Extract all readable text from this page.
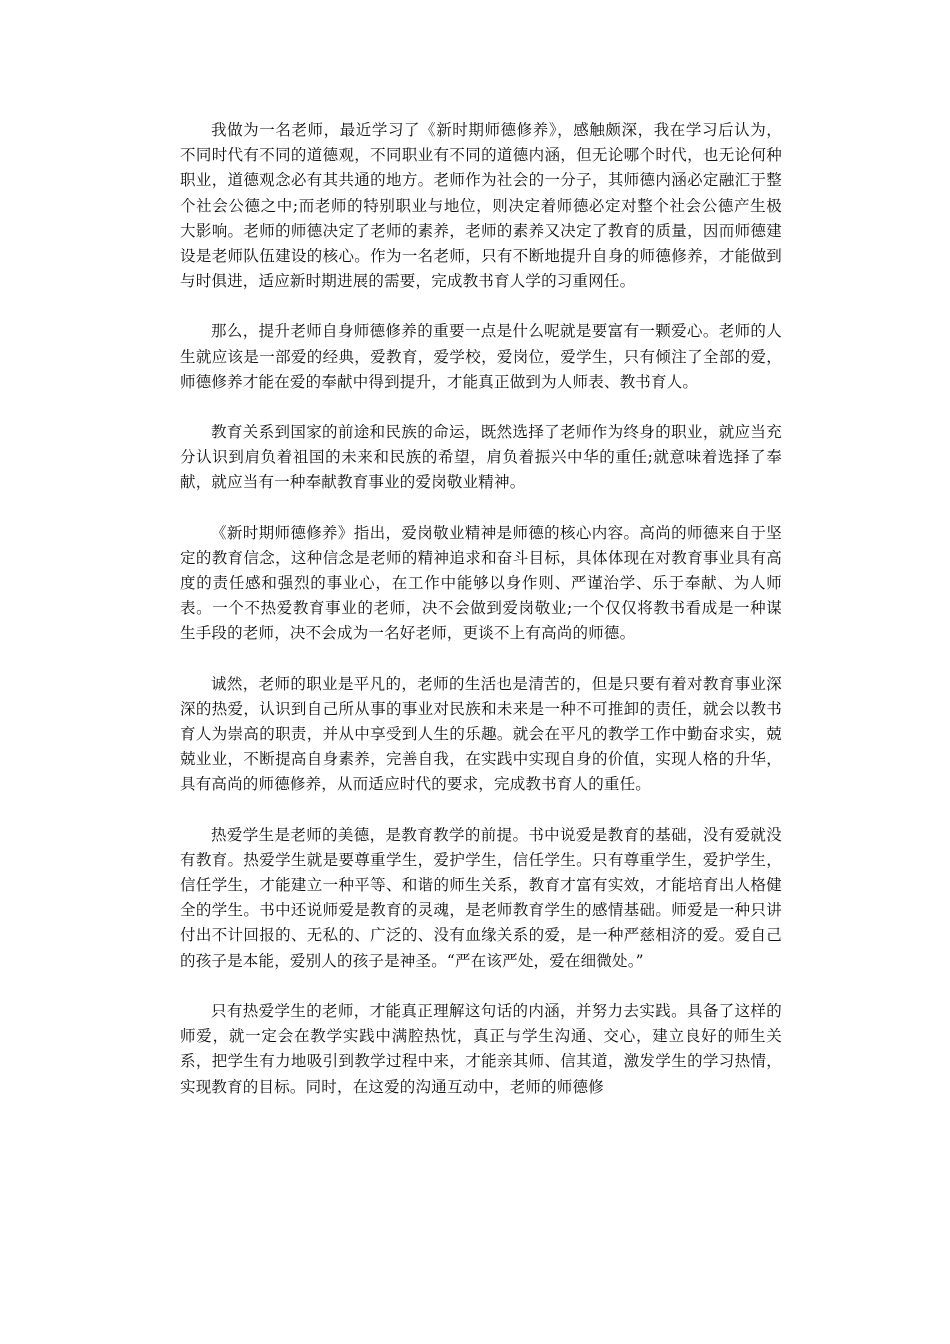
我做为一名老师，最近学习了《新时期师德修养》，感触颇深，我在学习后认为，不同时代有不同的道德观，不同职业有不同的道德内涵，但无论哪个时代，也无论何种职业，道德观念必有其共通的地方。老师作为社会的一分子，其师德内涵必定融汇于整个社会公德之中;而老师的特别职业与地位，则决定着师德必定对整个社会公德产生极大影响。老师的师德决定了老师的素养，老师的素养又决定了教育的质量，因而师德建设是老师队伍建设的核心。作为一名老师，只有不断地提升自身的师德修养，才能做到与时俱进，适应新时期进展的需要，完成教书育人学的习重网任。

那么，提升老师自身师德修养的重要一点是什么呢就是要富有一颗爱心。老师的人生就应该是一部爱的经典，爱教育，爱学校，爱岗位，爱学生，只有倾注了全部的爱，师德修养才能在爱的奉献中得到提升，才能真正做到为人师表、教书育人。

教育关系到国家的前途和民族的命运，既然选择了老师作为终身的职业，就应当充分认识到肩负着祖国的未来和民族的希望，肩负着振兴中华的重任;就意味着选择了奉献，就应当有一种奉献教育事业的爱岗敬业精神。

《新时期师德修养》指出，爱岗敬业精神是师德的核心内容。高尚的师德来自于坚定的教育信念，这种信念是老师的精神追求和奋斗目标，具体体现在对教育事业具有高度的责任感和强烈的事业心，在工作中能够以身作则、严谨治学、乐于奉献、为人师表。一个不热爱教育事业的老师，决不会做到爱岗敬业;一个仅仅将教书看成是一种谋生手段的老师，决不会成为一名好老师，更谈不上有高尚的师德。

诚然，老师的职业是平凡的，老师的生活也是清苦的，但是只要有着对教育事业深深的热爱，认识到自己所从事的事业对民族和未来是一种不可推卸的责任，就会以教书育人为崇高的职责，并从中享受到人生的乐趣。就会在平凡的教学工作中勤奋求实，兢兢业业，不断提高自身素养，完善自我，在实践中实现自身的价值，实现人格的升华，具有高尚的师德修养，从而适应时代的要求，完成教书育人的重任。

热爱学生是老师的美德，是教育教学的前提。书中说爱是教育的基础，没有爱就没有教育。热爱学生就是要尊重学生，爱护学生，信任学生。只有尊重学生，爱护学生，信任学生，才能建立一种平等、和谐的师生关系，教育才富有实效，才能培育出人格健全的学生。书中还说师爱是教育的灵魂，是老师教育学生的感情基础。师爱是一种只讲付出不计回报的、无私的、广泛的、没有血缘关系的爱，是一种严慈相济的爱。爱自己的孩子是本能，爱别人的孩子是神圣。“严在该严处，爱在细微处。”

只有热爱学生的老师，才能真正理解这句话的内涵，并努力去实践。具备了这样的师爱，就一定会在教学实践中满腔热忱，真正与学生沟通、交心，建立良好的师生关系，把学生有力地吸引到教学过程中来，才能亲其师、信其道，激发学生的学习热情，实现教育的目标。同时，在这爱的沟通互动中，老师的师德修
